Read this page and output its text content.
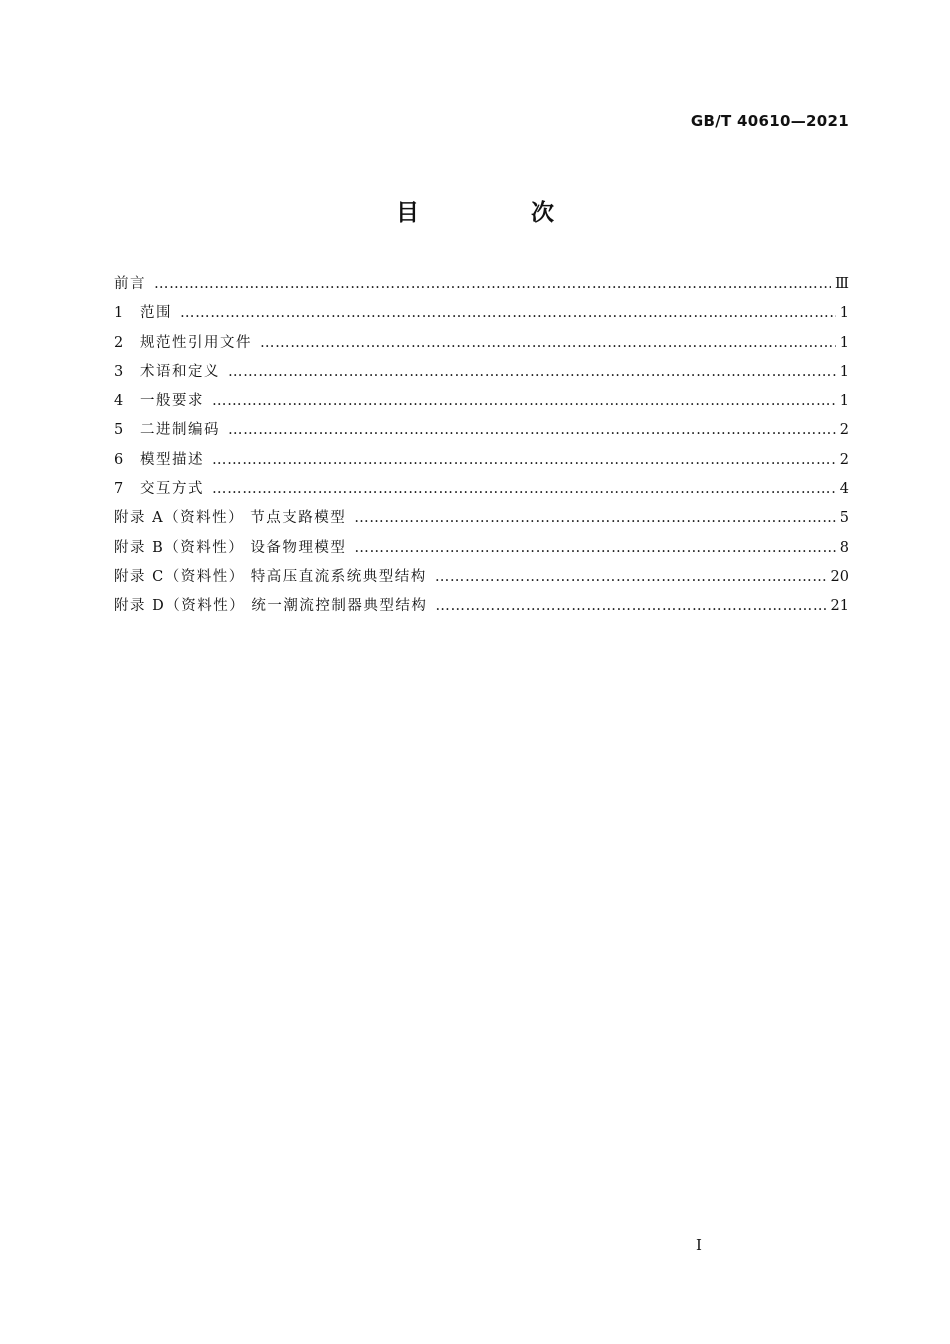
GB/T 40610—2021

目 次
前言 …………………………………………………………………………………………………………………………………………………………………………………………………………………………………………	Ⅲ
1	范围 …………………………………………………………………………………………………………………………………………………………………………………………………………………………………………	1
2	规范性引用文件 …………………………………………………………………………………………………………………………………………………………………………………………………………………………………………	1
3	术语和定义 …………………………………………………………………………………………………………………………………………………………………………………………………………………………………………	1
4	一般要求 …………………………………………………………………………………………………………………………………………………………………………………………………………………………………………	1
5	二进制编码 …………………………………………………………………………………………………………………………………………………………………………………………………………………………………………	2
6	模型描述 …………………………………………………………………………………………………………………………………………………………………………………………………………………………………………	2
7	交互方式 …………………………………………………………………………………………………………………………………………………………………………………………………………………………………………	4
附录 A（资料性） 节点支路模型 …………………………………………………………………………………………………………………………………………………………………………………………………………………………………………	5
附录 B（资料性） 设备物理模型 …………………………………………………………………………………………………………………………………………………………………………………………………………………………………………	8
附录 C（资料性） 特高压直流系统典型结构 …………………………………………………………………………………………………………………………………………………………………………………………………………………………………………	20
附录 D（资料性） 统一潮流控制器典型结构 …………………………………………………………………………………………………………………………………………………………………………………………………………………………………………	21

Ⅰ
